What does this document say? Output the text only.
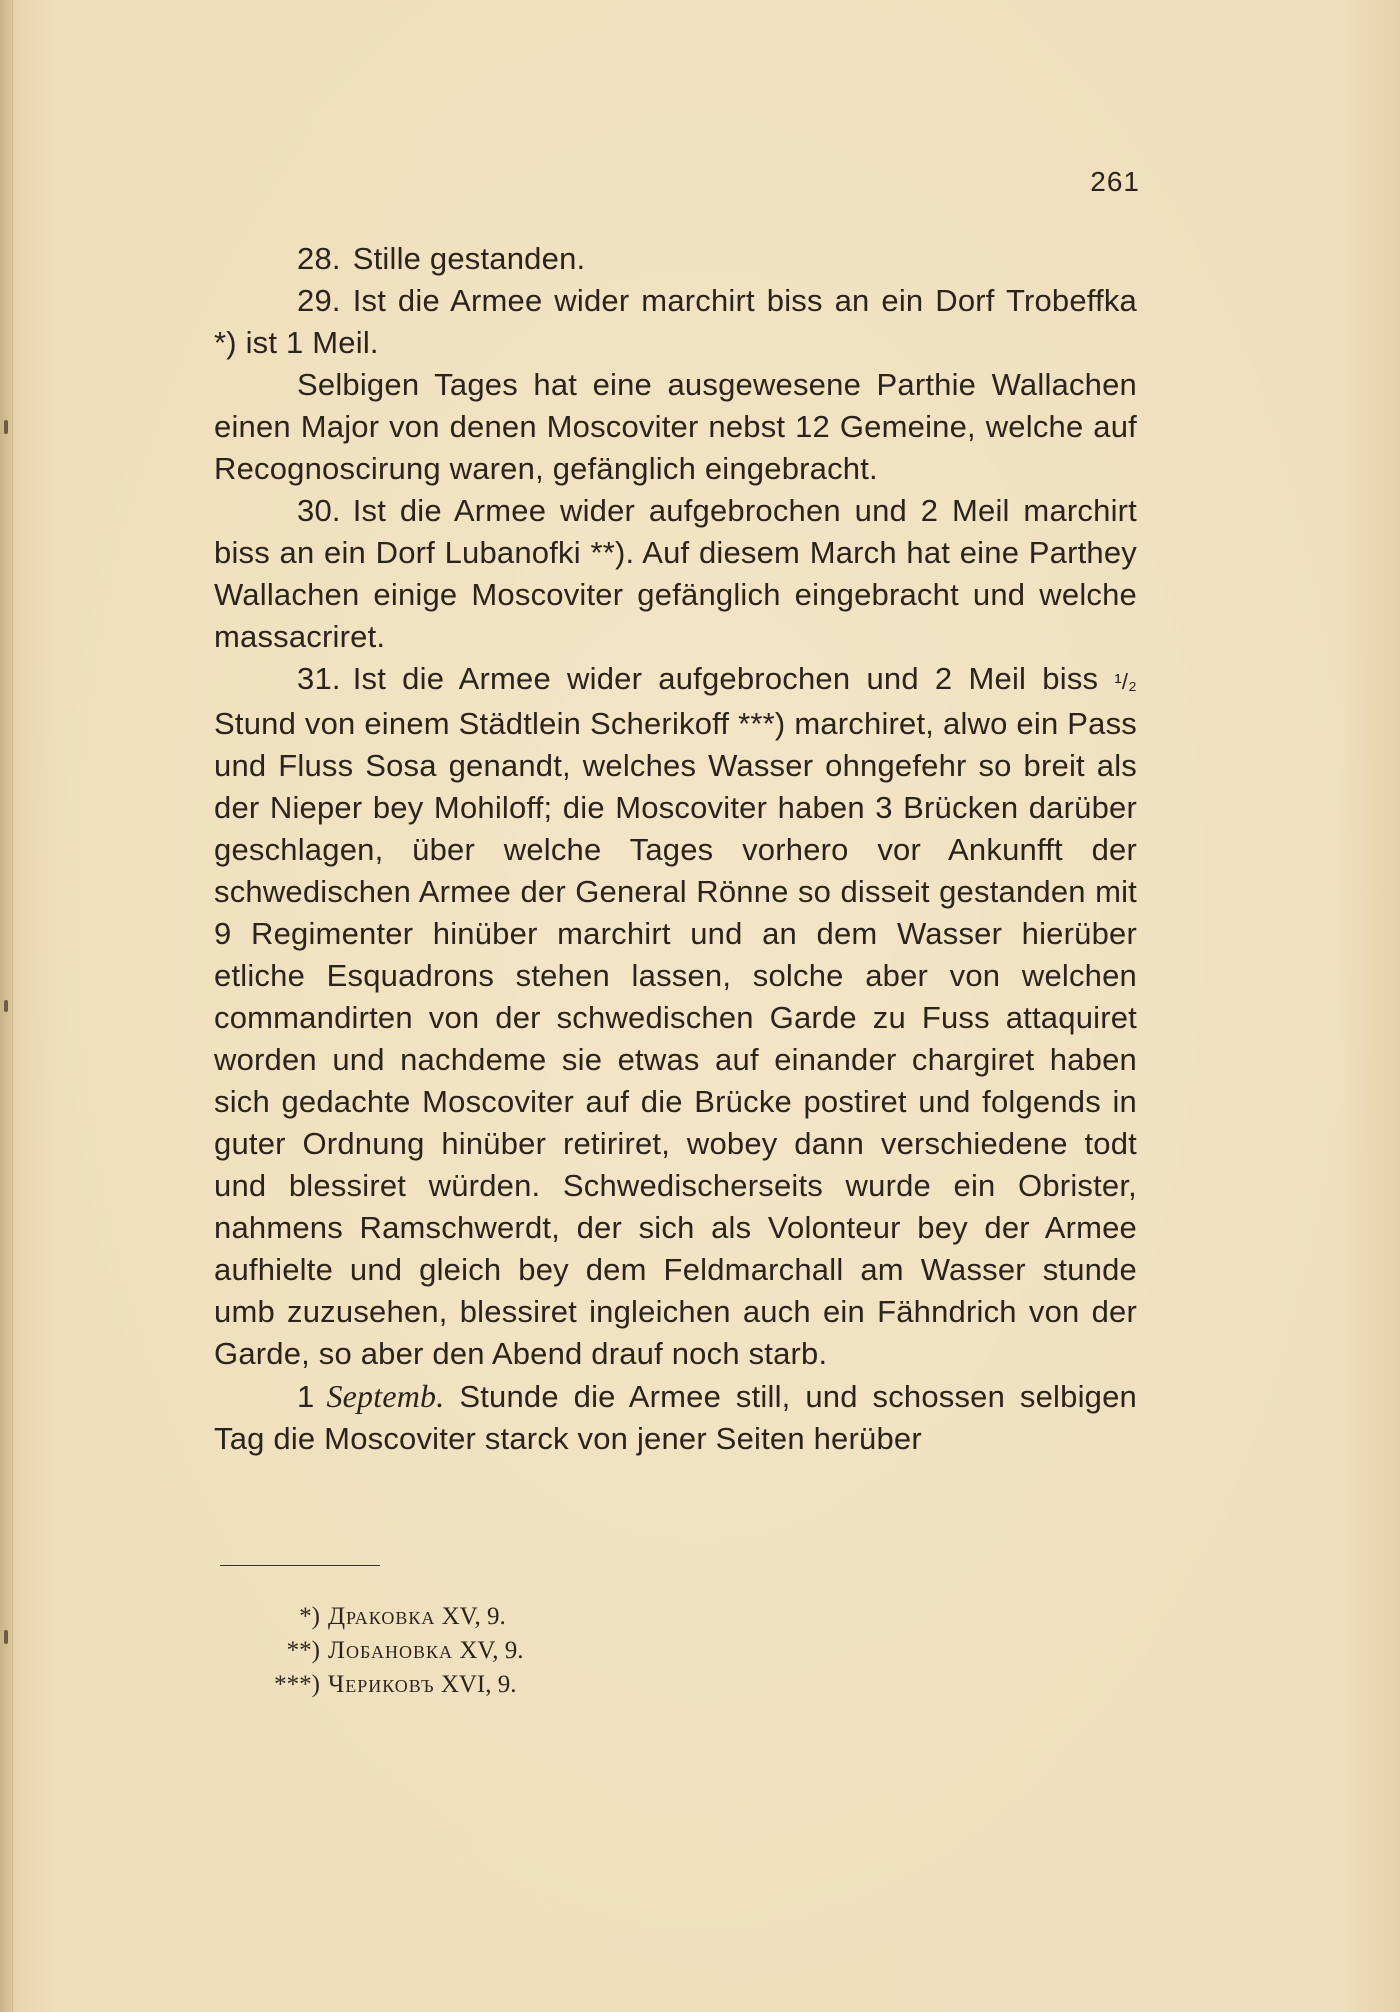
261

28. Stille gestanden.

29. Ist die Armee wider marchirt biss an ein Dorf Trobeffka *) ist 1 Meil.

Selbigen Tages hat eine ausgewesene Parthie Wallachen einen Major von denen Moscoviter nebst 12 Gemeine, welche auf Recognoscirung waren, gefänglich eingebracht.

30. Ist die Armee wider aufgebrochen und 2 Meil marchirt biss an ein Dorf Lubanofki **). Auf diesem March hat eine Parthey Wallachen einige Moscoviter gefänglich eingebracht und welche massacriret.

31. Ist die Armee wider aufgebrochen und 2 Meil biss ¹/₂ Stund von einem Städtlein Scherikoff ***) marchiret, alwo ein Pass und Fluss Sosa genandt, welches Wasser ohngefehr so breit als der Nieper bey Mohiloff; die Moscoviter haben 3 Brücken darüber geschlagen, über welche Tages vorhero vor Ankunfft der schwedischen Armee der General Rönne so disseit gestanden mit 9 Regimenter hinüber marchirt und an dem Wasser hierüber etliche Esquadrons stehen lassen, solche aber von welchen commandirten von der schwedischen Garde zu Fuss attaquiret worden und nachdeme sie etwas auf einander chargiret haben sich gedachte Moscoviter auf die Brücke postiret und folgends in guter Ordnung hinüber retiriret, wobey dann verschiedene todt und blessiret würden. Schwedischerseits wurde ein Obrister, nahmens Ramschwerdt, der sich als Volonteur bey der Armee aufhielte und gleich bey dem Feldmarchall am Wasser stunde umb zuzusehen, blessiret ingleichen auch ein Fähndrich von der Garde, so aber den Abend drauf noch starb.

1 Septemb. Stunde die Armee still, und schossen selbigen Tag die Moscoviter starck von jener Seiten herüber

*) Драковка XV, 9.
**) Лобановка XV, 9.
***) Чериковъ XVI, 9.
